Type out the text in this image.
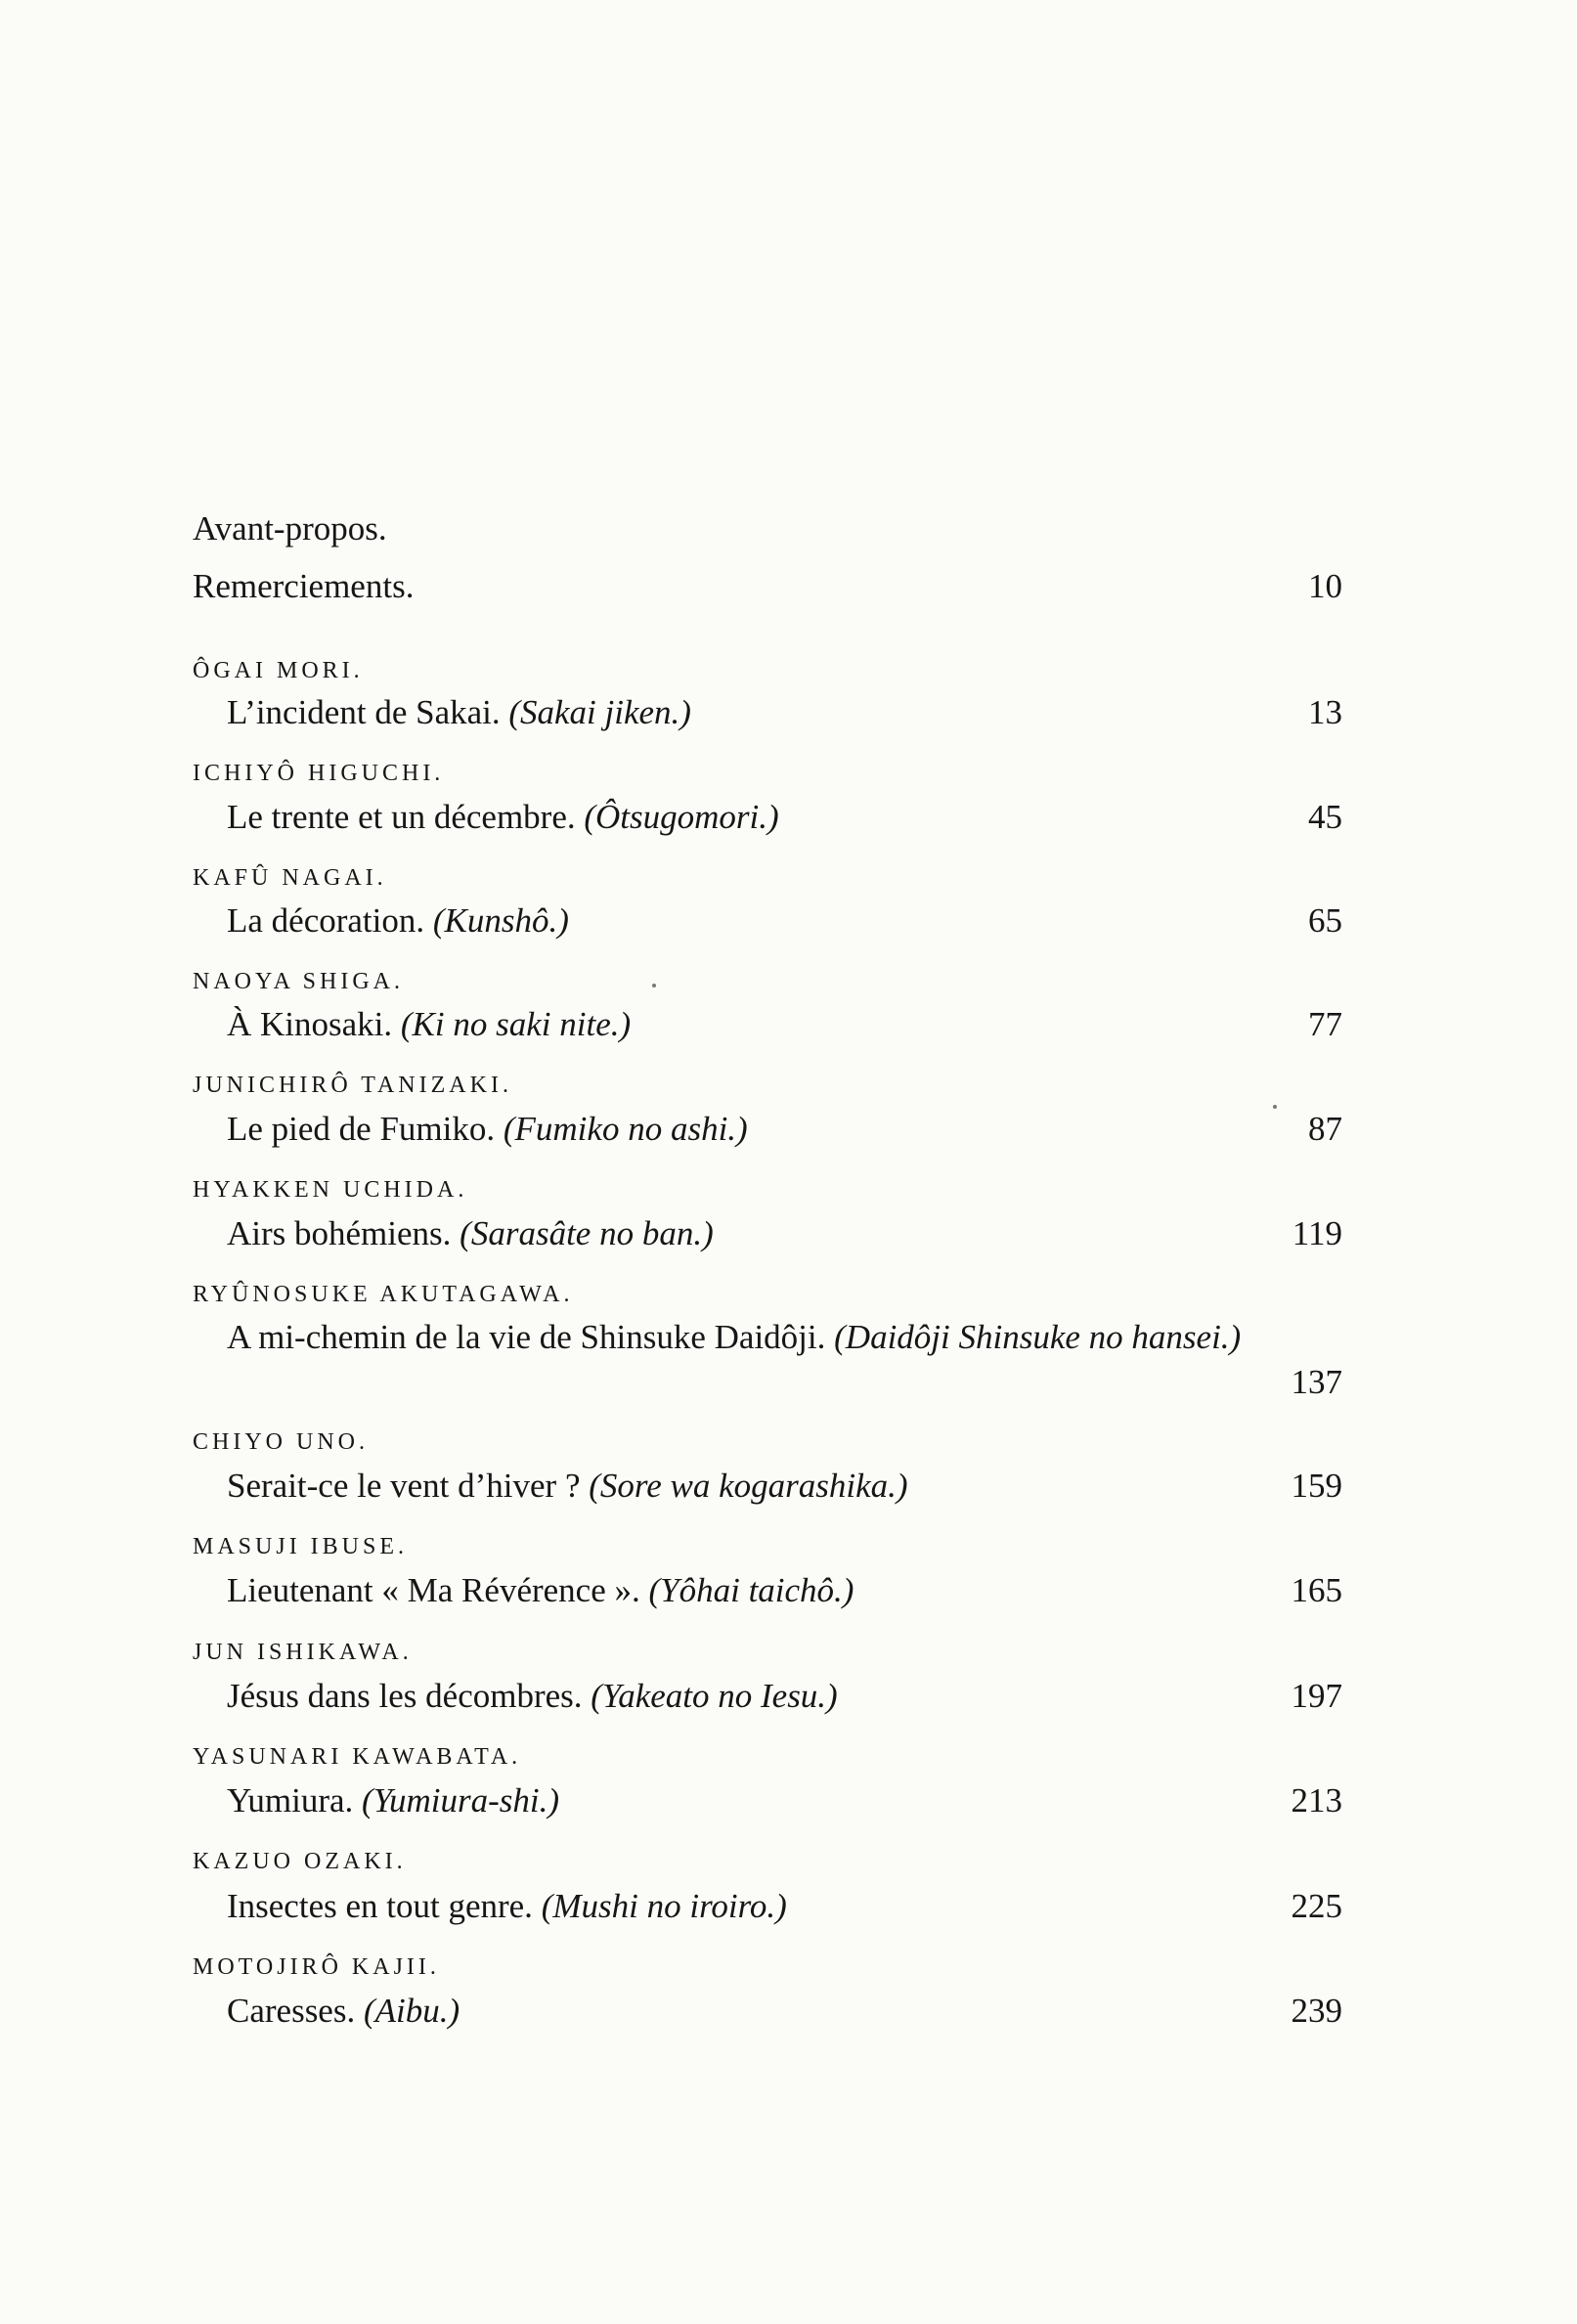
Avant-propos.
Remerciements.	10
ÔGAI MORI.
L’incident de Sakai. (Sakai jiken.)	13
ICHIYÔ HIGUCHI.
Le trente et un décembre. (Ôtsugomori.)	45
KAFÛ NAGAI.
La décoration. (Kunshô.)	65
NAOYA SHIGA.
À Kinosaki. (Ki no saki nite.)	77
JUNICHIRÔ TANIZAKI.
Le pied de Fumiko. (Fumiko no ashi.)	87
HYAKKEN UCHIDA.
Airs bohémiens. (Sarasâte no ban.)	119
RYÛNOSUKE AKUTAGAWA.
A mi-chemin de la vie de Shinsuke Daidôji. (Daidôji Shinsuke no hansei.)
137
CHIYO UNO.
Serait-ce le vent d’hiver ? (Sore wa kogarashika.)	159
MASUJI IBUSE.
Lieutenant « Ma Révérence ». (Yôhai taichô.)	165
JUN ISHIKAWA.
Jésus dans les décombres. (Yakeato no Iesu.)	197
YASUNARI KAWABATA.
Yumiura. (Yumiura-shi.)	213
KAZUO OZAKI.
Insectes en tout genre. (Mushi no iroiro.)	225
MOTOJIRÔ KAJII.
Caresses. (Aibu.)	239
